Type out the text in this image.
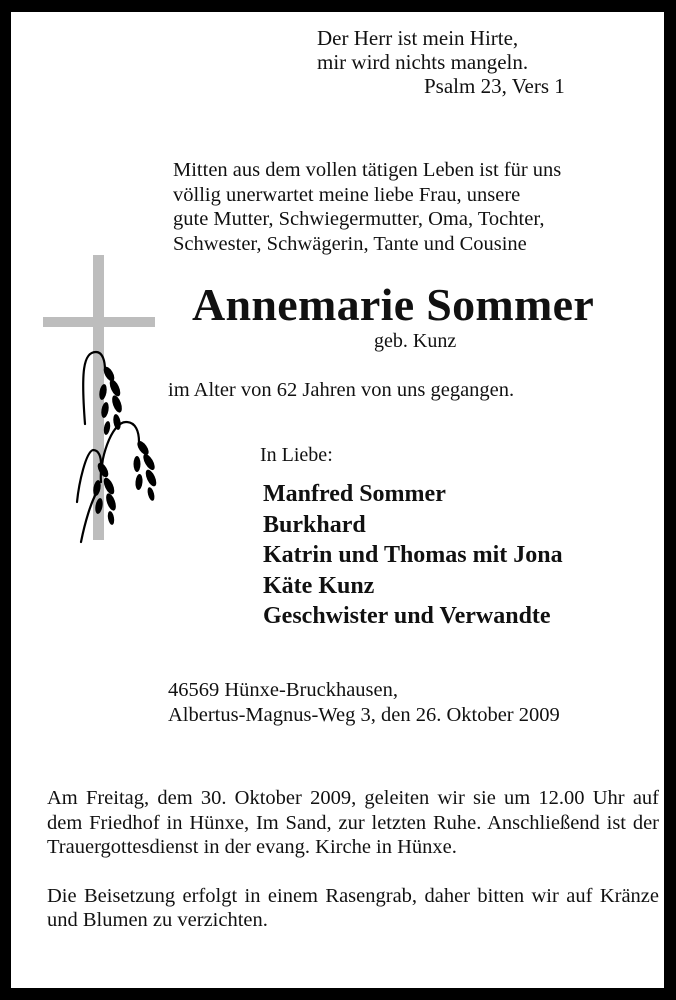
Der Herr ist mein Hirte,
mir wird nichts mangeln.
Psalm 23, Vers 1
Mitten aus dem vollen tätigen Leben ist für uns
völlig unerwartet meine liebe Frau, unsere
gute Mutter, Schwiegermutter, Oma, Tochter,
Schwester, Schwägerin, Tante und Cousine
Annemarie Sommer
geb. Kunz
im Alter von 62 Jahren von uns gegangen.
In Liebe:
Manfred Sommer
Burkhard
Katrin und Thomas mit Jona
Käte Kunz
Geschwister und Verwandte
46569 Hünxe-Bruckhausen,
Albertus-Magnus-Weg 3, den 26. Oktober 2009

Am Freitag, dem 30. Oktober 2009, geleiten wir sie um 12.00 Uhr auf dem Friedhof in Hünxe, Im Sand, zur letzten Ruhe. Anschließend ist der Trauergottesdienst in der evang. Kirche in Hünxe.

Die Beisetzung erfolgt in einem Rasengrab, daher bitten wir auf Kränze und Blumen zu verzichten.
